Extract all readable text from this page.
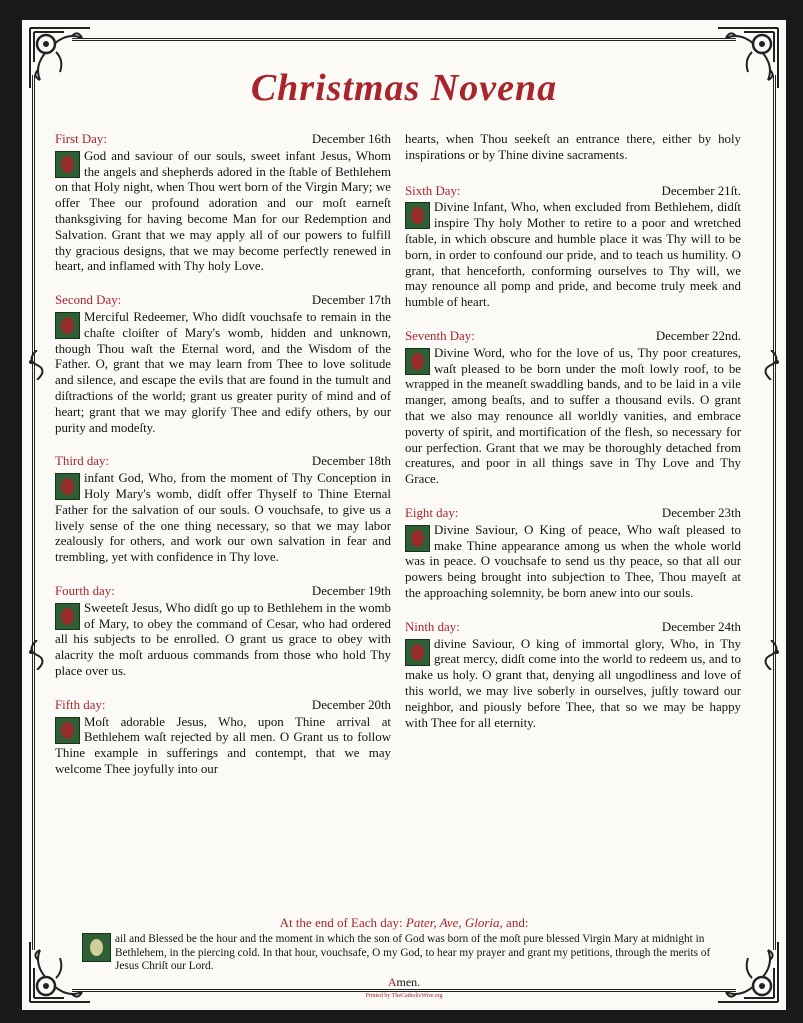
Christmas Novena
First Day:	December 16th
God and saviour of our souls, sweet infant Jesus, Whom the angels and shepherds adored in the ſtable of Bethlehem on that Holy night, when Thou wert born of the Virgin Mary; we offer Thee our profound adoration and our moſt earneſt thanksgiving for having become Man for our Redemption and Salvation. Grant that we may apply all of our powers to fulfill thy gracious designs, that we may become perfeƈtly renewed in heart, and inflamed with Thy holy Love.
Second Day:	December 17th
Merciful Redeemer, Who didſt vouchsafe to remain in the chaſte cloiſter of Mary's womb, hidden and unknown, though Thou waſt the Eternal word, and the Wisdom of the Father. O, grant that we may learn from Thee to love solitude and silence, and escape the evils that are found in the tumult and diſtraƈtions of the world; grant us greater purity of mind and of heart; grant that we may glorify Thee and edify others, by our purity and modeſty.
Third day:	December 18th
infant God, Who, from the moment of Thy Conception in Holy Mary's womb, didſt offer Thyself to Thine Eternal Father for the salvation of our souls. O vouchsafe, to give us a lively sense of the one thing necessary, so that we may labor zealously for others, and work our own salvation in fear and trembling, yet with confidence in Thy love.
Fourth day:	December 19th
Sweeteſt Jesus, Who didſt go up to Bethlehem in the womb of Mary, to obey the command of Cesar, who had ordered all his subjeƈts to be enrolled. O grant us grace to obey with alacrity the moſt arduous commands from those who hold Thy place over us.
Fifth day:	December 20th
Moſt adorable Jesus, Who, upon Thine arrival at Bethlehem waſt rejeƈted by all men. O Grant us to follow Thine example in sufferings and contempt, that we may welcome Thee joyfully into our
hearts, when Thou seekeſt an entrance there, either by holy inspirations or by Thine divine sacraments.
Sixth Day:	December 21ſt.
Divine Infant, Who, when excluded from Bethlehem, didſt inspire Thy holy Mother to retire to a poor and wretched ſtable, in which obscure and humble place it was Thy will to be born, in order to confound our pride, and to teach us humility. O grant, that henceforth, conforming ourselves to Thy will, we may renounce all pomp and pride, and become truly meek and humble of heart.
Seventh Day:	December 22nd.
Divine Word, who for the love of us, Thy poor creatures, waſt pleased to be born under the moſt lowly roof, to be wrapped in the meaneſt swaddling bands, and to be laid in a vile manger, among beaſts, and to suffer a thousand evils. O grant that we also may renounce all worldly vanities, and embrace poverty of spirit, and mortification of the flesh, so necessary for our perfeƈtion. Grant that we may be thoroughly detached from creatures, and poor in all things save in Thy Love and Thy Grace.
Eight day:	December 23th
Divine Saviour, O King of peace, Who waſt pleased to make Thine appearance among us when the whole world was in peace. O vouchsafe to send us thy peace, so that all our powers being brought into subjeƈtion to Thee, Thou mayeſt at the approaching solemnity, be born anew into our souls.
Ninth day:	December 24th
divine Saviour, O king of immortal glory, Who, in Thy great mercy, didſt come into the world to redeem us, and to make us holy. O grant that, denying all ungodliness and love of this world, we may live soberly in ourselves, juſtly toward our neighbor, and piously before Thee, that so we may be happy with Thee for all eternity.
At the end of Each day: Pater, Ave, Gloria, and:
ail and Blessed be the hour and the moment in which the son of God was born of the moſt pure blessed Virgin Mary at midnight in Bethlehem, in the piercing cold. In that hour, vouchsafe, O my God, to hear my prayer and grant my petitions, through the merits of Jesus Chriſt our Lord.
Amen.
Printed by TheCatholicWire.org
